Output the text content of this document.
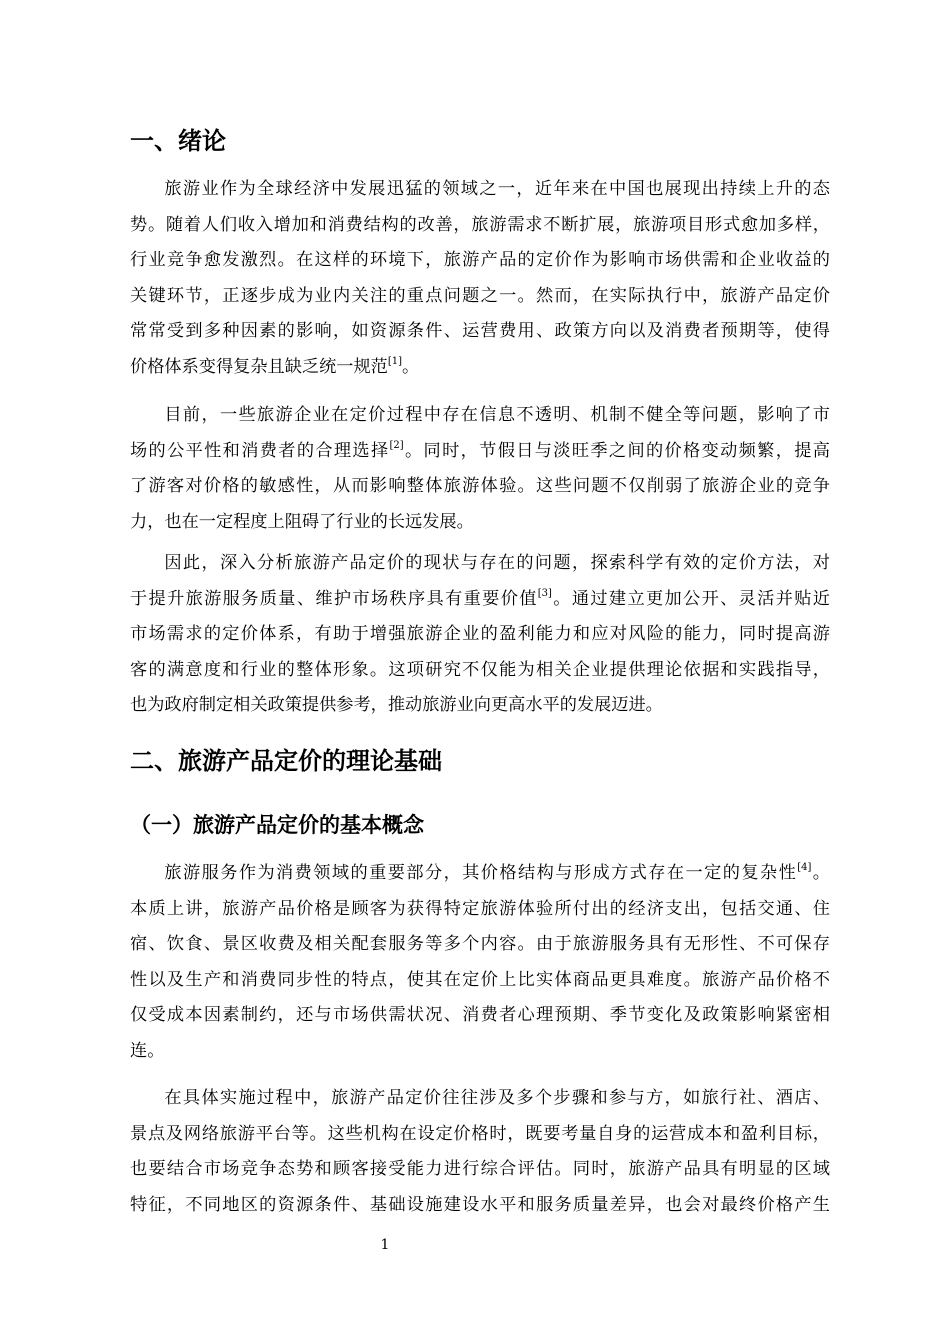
一、绪论
旅游业作为全球经济中发展迅猛的领域之一，近年来在中国也展现出持续上升的态
势。随着人们收入增加和消费结构的改善，旅游需求不断扩展，旅游项目形式愈加多样，
行业竞争愈发激烈。在这样的环境下，旅游产品的定价作为影响市场供需和企业收益的
关键环节，正逐步成为业内关注的重点问题之一。然而，在实际执行中，旅游产品定价
常常受到多种因素的影响，如资源条件、运营费用、政策方向以及消费者预期等，使得
价格体系变得复杂且缺乏统一规范[1]。
目前，一些旅游企业在定价过程中存在信息不透明、机制不健全等问题，影响了市
场的公平性和消费者的合理选择[2]。同时，节假日与淡旺季之间的价格变动频繁，提高
了游客对价格的敏感性，从而影响整体旅游体验。这些问题不仅削弱了旅游企业的竞争
力，也在一定程度上阻碍了行业的长远发展。
因此，深入分析旅游产品定价的现状与存在的问题，探索科学有效的定价方法，对
于提升旅游服务质量、维护市场秩序具有重要价值[3]。通过建立更加公开、灵活并贴近
市场需求的定价体系，有助于增强旅游企业的盈利能力和应对风险的能力，同时提高游
客的满意度和行业的整体形象。这项研究不仅能为相关企业提供理论依据和实践指导，
也为政府制定相关政策提供参考，推动旅游业向更高水平的发展迈进。
二、旅游产品定价的理论基础
（一）旅游产品定价的基本概念
旅游服务作为消费领域的重要部分，其价格结构与形成方式存在一定的复杂性[4]。
本质上讲，旅游产品价格是顾客为获得特定旅游体验所付出的经济支出，包括交通、住
宿、饮食、景区收费及相关配套服务等多个内容。由于旅游服务具有无形性、不可保存
性以及生产和消费同步性的特点，使其在定价上比实体商品更具难度。旅游产品价格不
仅受成本因素制约，还与市场供需状况、消费者心理预期、季节变化及政策影响紧密相
连。
在具体实施过程中，旅游产品定价往往涉及多个步骤和参与方，如旅行社、酒店、
景点及网络旅游平台等。这些机构在设定价格时，既要考量自身的运营成本和盈利目标，
也要结合市场竞争态势和顾客接受能力进行综合评估。同时，旅游产品具有明显的区域
特征，不同地区的资源条件、基础设施建设水平和服务质量差异，也会对最终价格产生
1
